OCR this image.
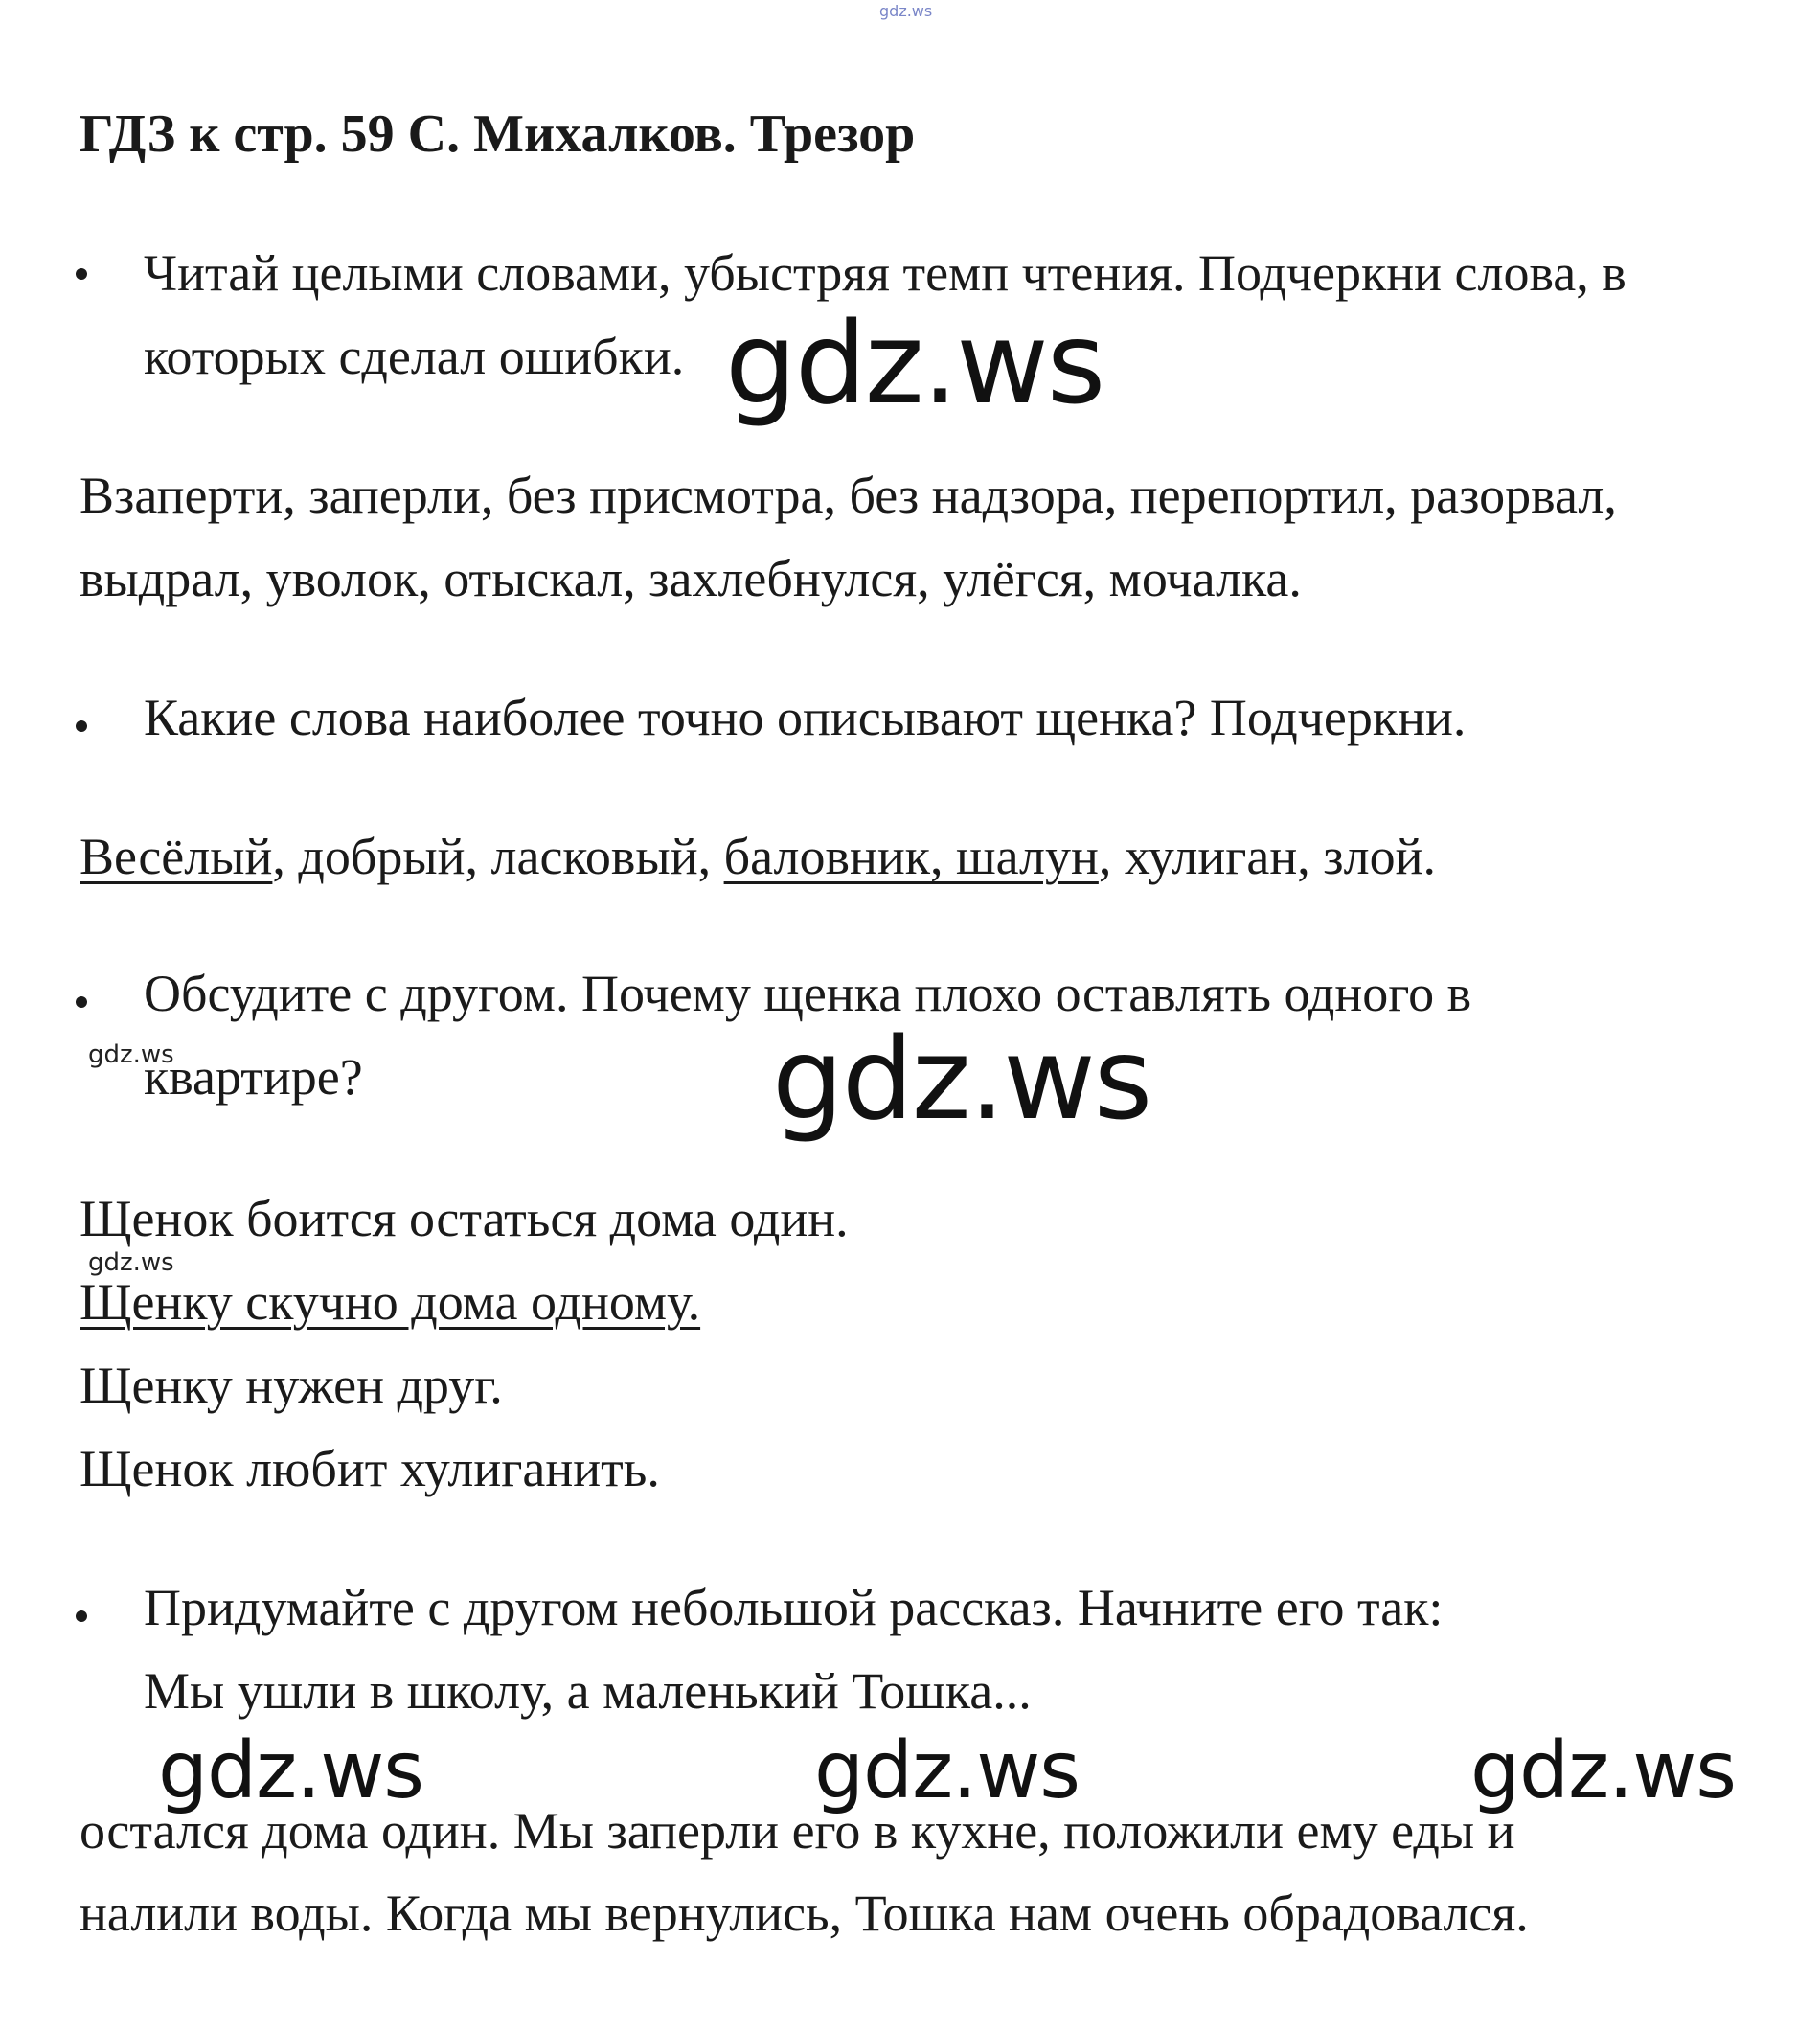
gdz.ws
ГДЗ к стр. 59 С. Михалков. Трезор

Читай целыми словами, убыстряя темп чтения. Подчеркни слова, в

которых сделал ошибки. gdz.ws

Взаперти, заперли, без присмотра, без надзора, перепортил, разорвал,

выдрал, уволок, отыскал, захлебнулся, улёгся, мочалка.

Какие слова наиболее точно описывают щенка? Подчеркни.

Весёлый, добрый, ласковый, баловник, шалун, хулиган, злой.

Обсудите с другом. Почему щенка плохо оставлять одного в

gdz.ws

квартире?	gdz.ws

Щенок боится остаться дома один.

gdz.ws

Щенку скучно дома одному.

Щенку нужен друг.

Щенок любит хулиганить.

Придумайте с другом небольшой рассказ. Начните его так:

Мы ушли в школу, а маленький Тошка...

gdz.ws	gdz.ws	gdz.ws

остался дома один. Мы заперли его в кухне, положили ему еды и

налили воды. Когда мы вернулись, Тошка нам очень обрадовался.
